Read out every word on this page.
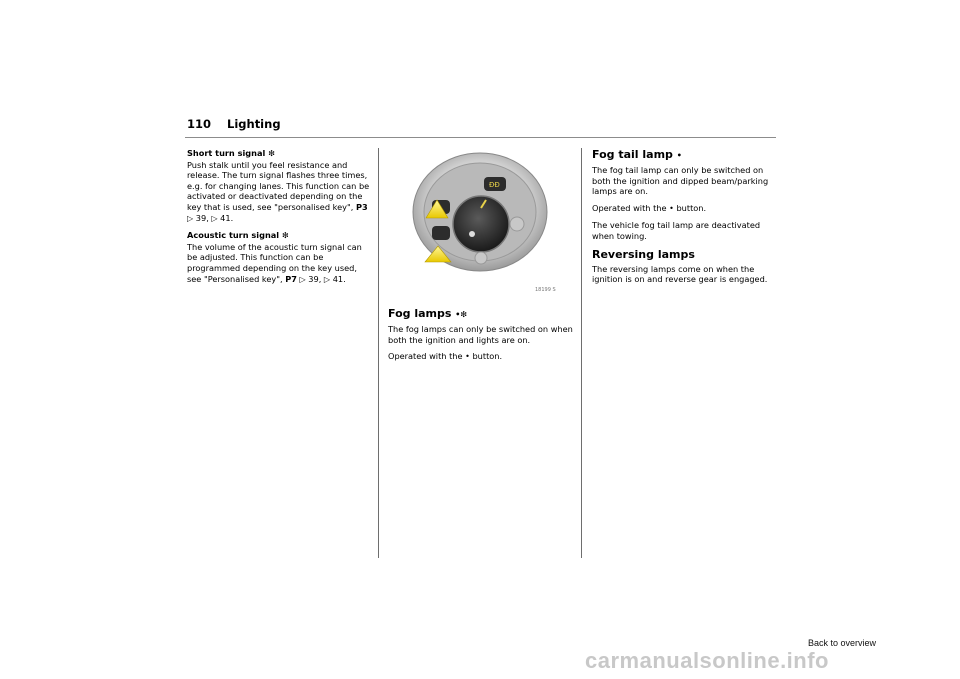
110 Lighting
Short turn signal ❇
Push stalk until you feel resistance and release. The turn signal flashes three times, e.g. for changing lanes. This function can be activated or deactivated depending on the key that is used, see "personalised key", P3 ▷ 39, ▷ 41.
Acoustic turn signal ❇
The volume of the acoustic turn signal can be adjusted. This function can be programmed depending on the key used, see "Personalised key", P7 ▷ 39, ▷ 41.
ĐĐ
18199 S
Fog lamps •❇
The fog lamps can only be switched on when both the ignition and lights are on.
Operated with the • button.
Fog tail lamp •
The fog tail lamp can only be switched on both the ignition and dipped beam/parking lamps are on.
Operated with the • button.
The vehicle fog tail lamp are deactivated when towing.
Reversing lamps
The reversing lamps come on when the ignition is on and reverse gear is engaged.
Back to overview
carmanualsonline.info
